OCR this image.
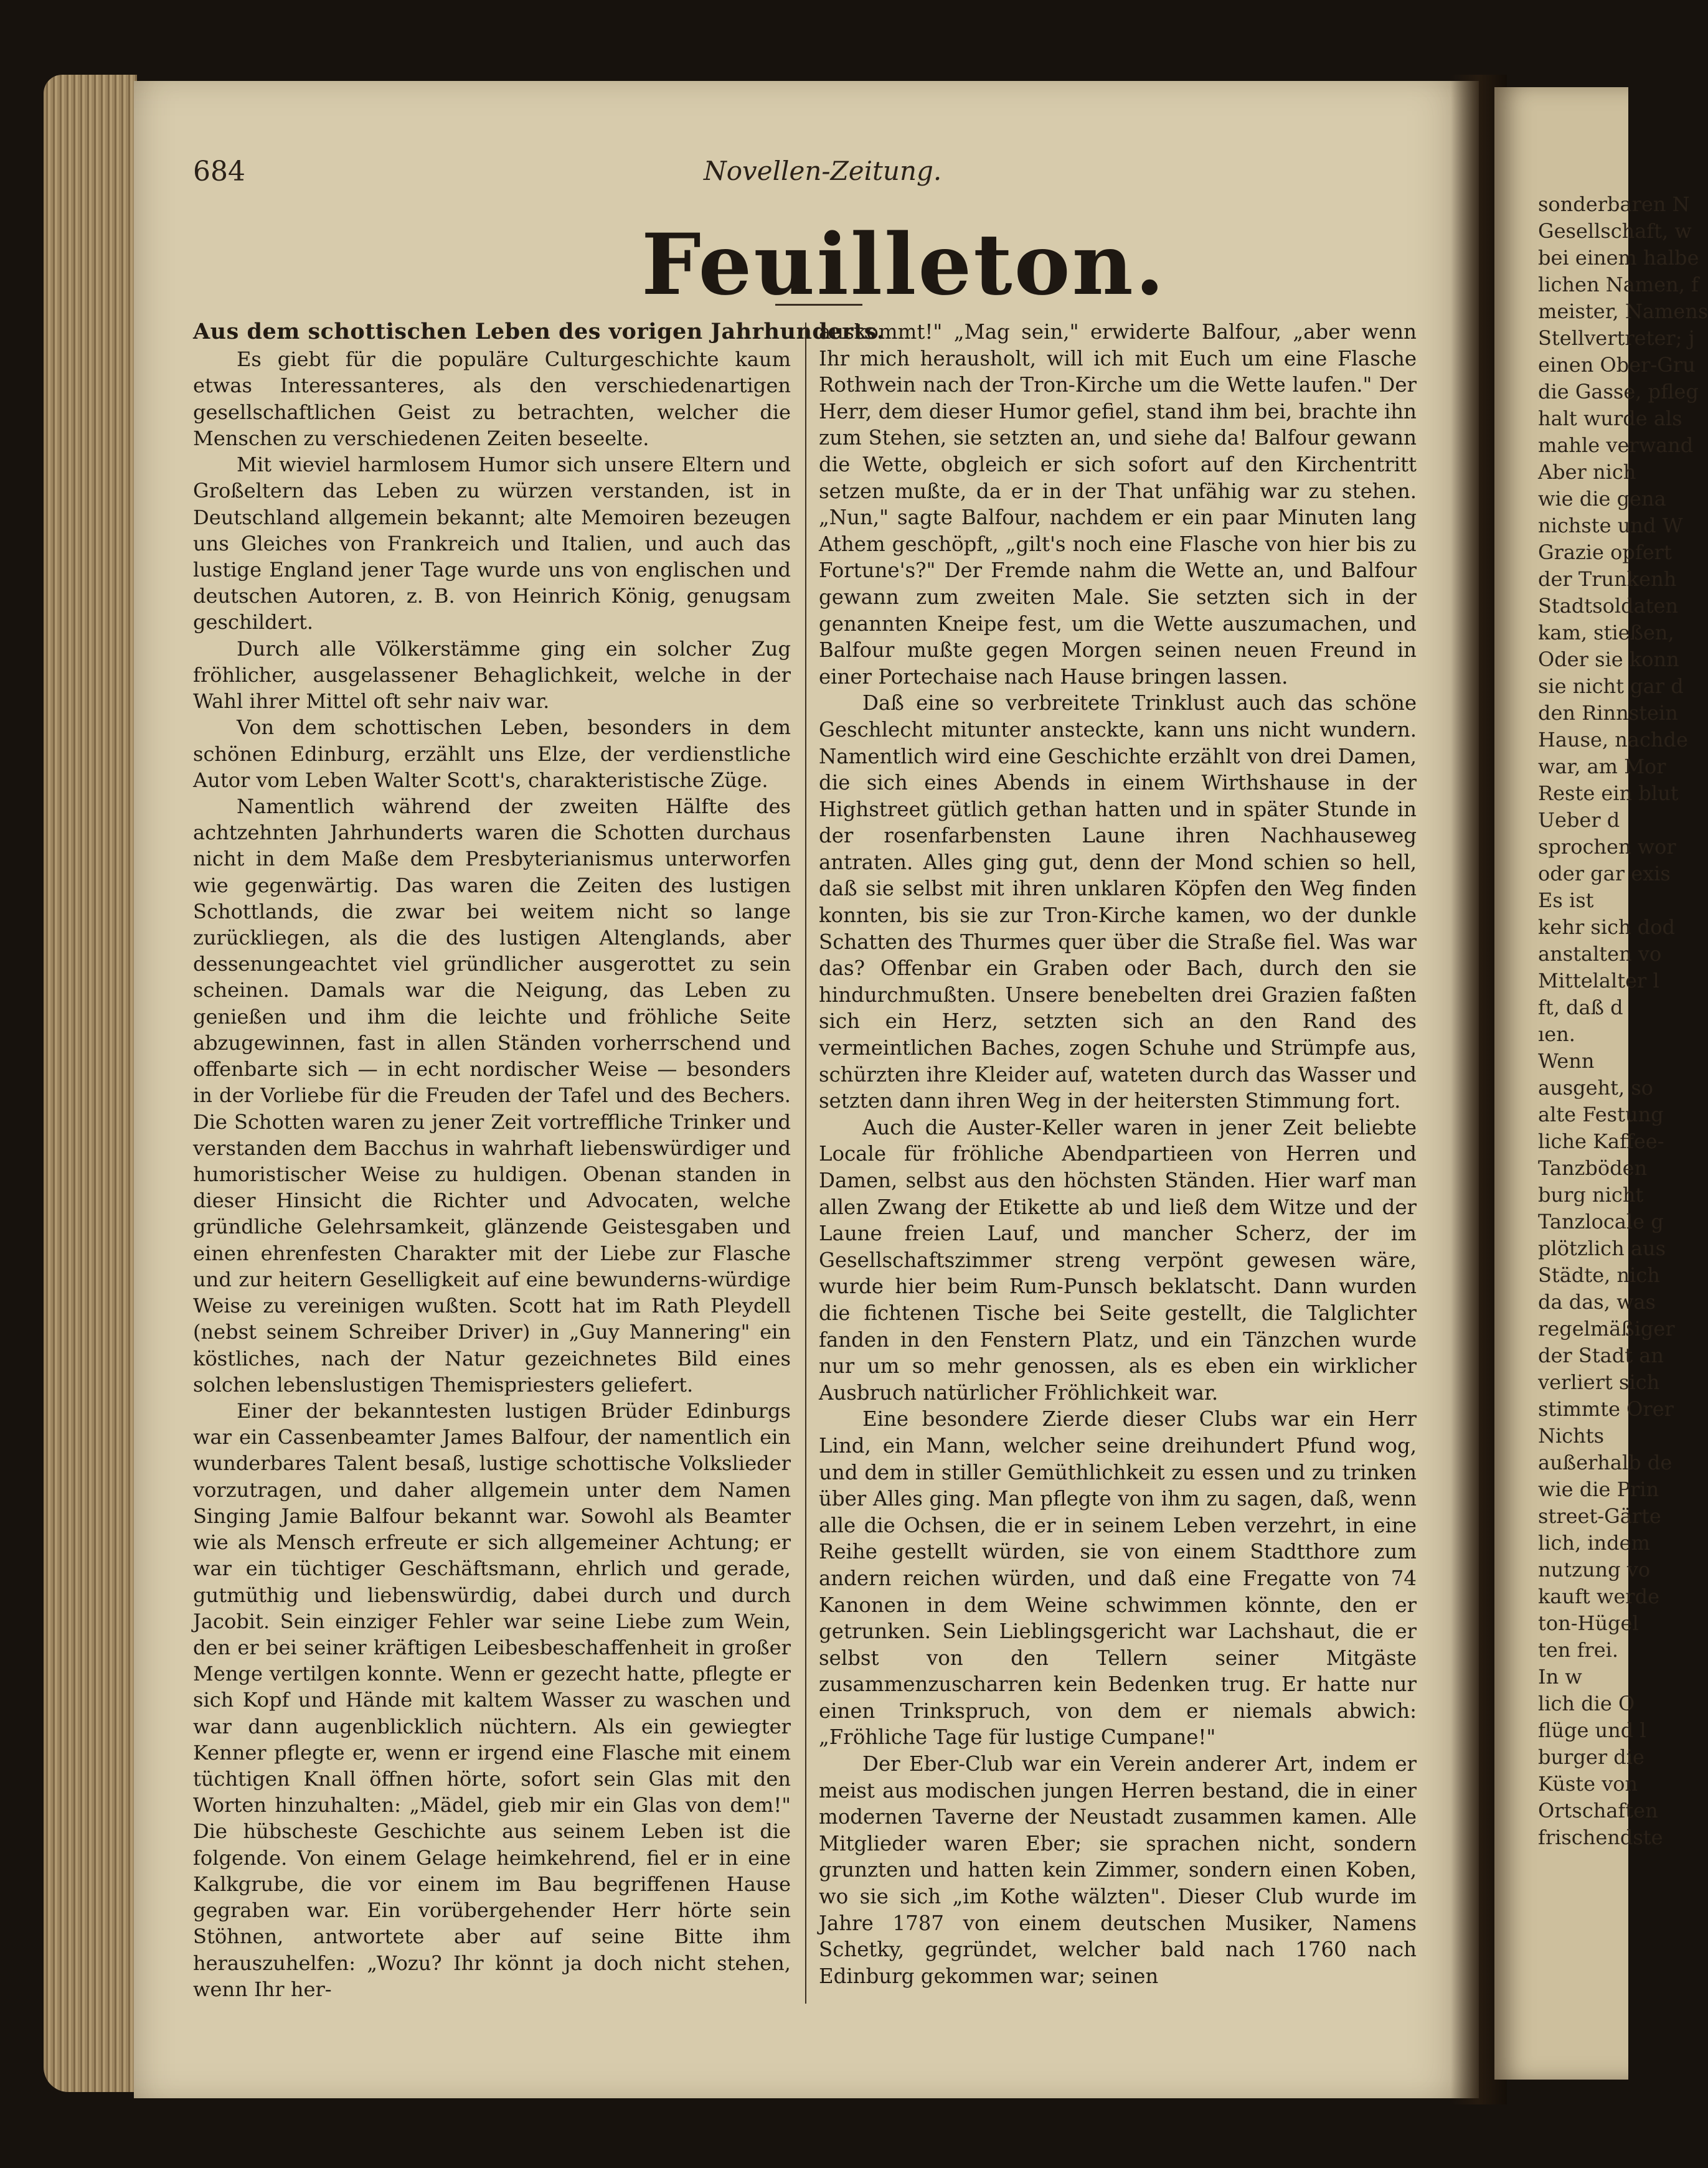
sonderbaren N
Gesellschaft, w
bei einem halbe
lichen Namen, f
meister, Namens
Stellvertreter; j
einen Ober-Gru
die Gasse, pfleg
halt wurde als
mahle verwand
Aber nich
wie die gena
nichste und W
Grazie opfert
der Trunkenh
Stadtsoldaten
kam, stießen,
Oder sie konn
sie nicht gar d
den Rinnstein
Hause, nachde
war, am Mor
Reste ein blut
Ueber d
sprochen wor
oder gar exis
Es ist
kehr sich dod
anstalten vo
Mittelalter l
ft, daß d
ıen.
Wenn
ausgeht, so
alte Festung
liche Kaffee-
Tanzböden
burg nicht
Tanzlocale g
plötzlich aus
Städte, nich
da das, was
regelmäßiger
der Stadt an
verliert sich
stimmte Orer
Nichts
außerhalb de
wie die Prin
street-Gärte
lich, indem
nutzung vo
kauft werde
ton-Hügel
ten frei.
In w
lich die O
flüge und l
burger die
Küste von
Ortschaften
frischendste
684	Novellen-Zeitung.
Feuilleton.
Aus dem schottischen Leben des vorigen Jahrhunderts.

Es giebt für die populäre Culturgeschichte kaum etwas Interessanteres, als den verschiedenartigen gesellschaftlichen Geist zu betrachten, welcher die Menschen zu verschiedenen Zeiten beseelte.

Mit wieviel harmlosem Humor sich unsere Eltern und Großeltern das Leben zu würzen verstanden, ist in Deutschland allgemein bekannt; alte Memoiren bezeugen uns Gleiches von Frankreich und Italien, und auch das lustige England jener Tage wurde uns von englischen und deutschen Autoren, z. B. von Heinrich König, genugsam geschildert.

Durch alle Völkerstämme ging ein solcher Zug fröhlicher, ausgelassener Behaglichkeit, welche in der Wahl ihrer Mittel oft sehr naiv war.

Von dem schottischen Leben, besonders in dem schönen Edinburg, erzählt uns Elze, der verdienstliche Autor vom Leben Walter Scott's, charakteristische Züge.

Namentlich während der zweiten Hälfte des achtzehnten Jahrhunderts waren die Schotten durchaus nicht in dem Maße dem Presbyterianismus unterworfen wie gegenwärtig. Das waren die Zeiten des lustigen Schottlands, die zwar bei weitem nicht so lange zurückliegen, als die des lustigen Altenglands, aber dessenungeachtet viel gründlicher ausgerottet zu sein scheinen. Damals war die Neigung, das Leben zu genießen und ihm die leichte und fröhliche Seite abzugewinnen, fast in allen Ständen vorherrschend und offenbarte sich — in echt nordischer Weise — besonders in der Vorliebe für die Freuden der Tafel und des Bechers. Die Schotten waren zu jener Zeit vortreffliche Trinker und verstanden dem Bacchus in wahrhaft liebenswürdiger und humoristischer Weise zu huldigen. Obenan standen in dieser Hinsicht die Richter und Advocaten, welche gründliche Gelehrsamkeit, glänzende Geistesgaben und einen ehrenfesten Charakter mit der Liebe zur Flasche und zur heitern Geselligkeit auf eine bewunderns-würdige Weise zu vereinigen wußten. Scott hat im Rath Pleydell (nebst seinem Schreiber Driver) in „Guy Mannering" ein köstliches, nach der Natur gezeichnetes Bild eines solchen lebenslustigen Themispriesters geliefert.

Einer der bekanntesten lustigen Brüder Edinburgs war ein Cassenbeamter James Balfour, der namentlich ein wunderbares Talent besaß, lustige schottische Volkslieder vorzutragen, und daher allgemein unter dem Namen Singing Jamie Balfour bekannt war. Sowohl als Beamter wie als Mensch erfreute er sich allgemeiner Achtung; er war ein tüchtiger Geschäftsmann, ehrlich und gerade, gutmüthig und liebenswürdig, dabei durch und durch Jacobit. Sein einziger Fehler war seine Liebe zum Wein, den er bei seiner kräftigen Leibesbeschaffenheit in großer Menge vertilgen konnte. Wenn er gezecht hatte, pflegte er sich Kopf und Hände mit kaltem Wasser zu waschen und war dann augenblicklich nüchtern. Als ein gewiegter Kenner pflegte er, wenn er irgend eine Flasche mit einem tüchtigen Knall öffnen hörte, sofort sein Glas mit den Worten hinzuhalten: „Mädel, gieb mir ein Glas von dem!" Die hübscheste Geschichte aus seinem Leben ist die folgende. Von einem Gelage heimkehrend, fiel er in eine Kalkgrube, die vor einem im Bau begriffenen Hause gegraben war. Ein vorübergehender Herr hörte sein Stöhnen, antwortete aber auf seine Bitte ihm herauszuhelfen: „Wozu? Ihr könnt ja doch nicht stehen, wenn Ihr her-

auskommt!" „Mag sein," erwiderte Balfour, „aber wenn Ihr mich herausholt, will ich mit Euch um eine Flasche Rothwein nach der Tron-Kirche um die Wette laufen." Der Herr, dem dieser Humor gefiel, stand ihm bei, brachte ihn zum Stehen, sie setzten an, und siehe da! Balfour gewann die Wette, obgleich er sich sofort auf den Kirchentritt setzen mußte, da er in der That unfähig war zu stehen. „Nun," sagte Balfour, nachdem er ein paar Minuten lang Athem geschöpft, „gilt's noch eine Flasche von hier bis zu Fortune's?" Der Fremde nahm die Wette an, und Balfour gewann zum zweiten Male. Sie setzten sich in der genannten Kneipe fest, um die Wette auszumachen, und Balfour mußte gegen Morgen seinen neuen Freund in einer Portechaise nach Hause bringen lassen.

Daß eine so verbreitete Trinklust auch das schöne Geschlecht mitunter ansteckte, kann uns nicht wundern. Namentlich wird eine Geschichte erzählt von drei Damen, die sich eines Abends in einem Wirthshause in der Highstreet gütlich gethan hatten und in später Stunde in der rosenfarbensten Laune ihren Nachhauseweg antraten. Alles ging gut, denn der Mond schien so hell, daß sie selbst mit ihren unklaren Köpfen den Weg finden konnten, bis sie zur Tron-Kirche kamen, wo der dunkle Schatten des Thurmes quer über die Straße fiel. Was war das? Offenbar ein Graben oder Bach, durch den sie hindurchmußten. Unsere benebelten drei Grazien faßten sich ein Herz, setzten sich an den Rand des vermeintlichen Baches, zogen Schuhe und Strümpfe aus, schürzten ihre Kleider auf, wateten durch das Wasser und setzten dann ihren Weg in der heitersten Stimmung fort.

Auch die Auster-Keller waren in jener Zeit beliebte Locale für fröhliche Abendpartieen von Herren und Damen, selbst aus den höchsten Ständen. Hier warf man allen Zwang der Etikette ab und ließ dem Witze und der Laune freien Lauf, und mancher Scherz, der im Gesellschaftszimmer streng verpönt gewesen wäre, wurde hier beim Rum-Punsch beklatscht. Dann wurden die fichtenen Tische bei Seite gestellt, die Talglichter fanden in den Fenstern Platz, und ein Tänzchen wurde nur um so mehr genossen, als es eben ein wirklicher Ausbruch natürlicher Fröhlichkeit war.

Eine besondere Zierde dieser Clubs war ein Herr Lind, ein Mann, welcher seine dreihundert Pfund wog, und dem in stiller Gemüthlichkeit zu essen und zu trinken über Alles ging. Man pflegte von ihm zu sagen, daß, wenn alle die Ochsen, die er in seinem Leben verzehrt, in eine Reihe gestellt würden, sie von einem Stadtthore zum andern reichen würden, und daß eine Fregatte von 74 Kanonen in dem Weine schwimmen könnte, den er getrunken. Sein Lieblingsgericht war Lachshaut, die er selbst von den Tellern seiner Mitgäste zusammenzuscharren kein Bedenken trug. Er hatte nur einen Trinkspruch, von dem er niemals abwich: „Fröhliche Tage für lustige Cumpane!"

Der Eber-Club war ein Verein anderer Art, indem er meist aus modischen jungen Herren bestand, die in einer modernen Taverne der Neustadt zusammen kamen. Alle Mitglieder waren Eber; sie sprachen nicht, sondern grunzten und hatten kein Zimmer, sondern einen Koben, wo sie sich „im Kothe wälzten". Dieser Club wurde im Jahre 1787 von einem deutschen Musiker, Namens Schetky, gegründet, welcher bald nach 1760 nach Edinburg gekommen war; seinen
